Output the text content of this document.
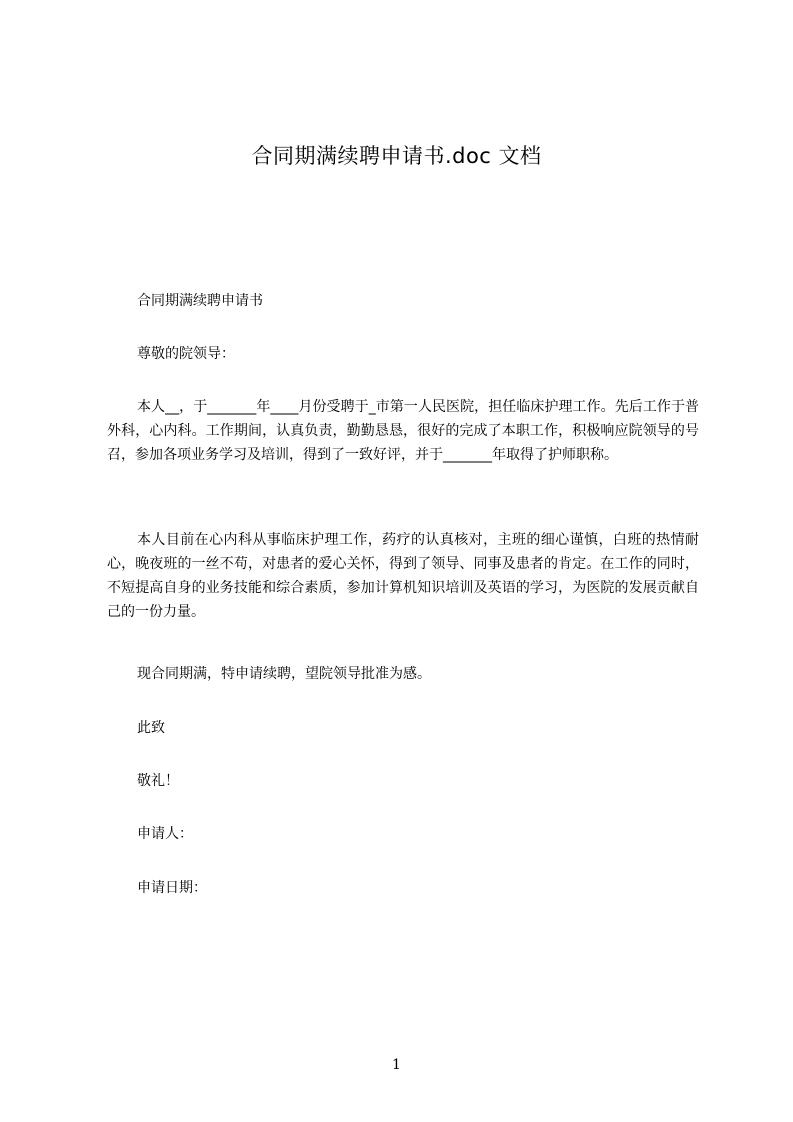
合同期满续聘申请书.doc 文档
合同期满续聘申请书
尊敬的院领导：

本人__，于_______年____月份受聘于_市第一人民医院，担任临床护理工作。先后工作于普外科，心内科。工作期间，认真负责，勤勤恳恳，很好的完成了本职工作，积极响应院领导的号召，参加各项业务学习及培训，得到了一致好评，并于_______年取得了护师职称。

本人目前在心内科从事临床护理工作，药疗的认真核对，主班的细心谨慎，白班的热情耐心，晚夜班的一丝不苟，对患者的爱心关怀，得到了领导、同事及患者的肯定。在工作的同时，不短提高自身的业务技能和综合素质，参加计算机知识培训及英语的学习，为医院的发展贡献自己的一份力量。

现合同期满，特申请续聘，望院领导批准为感。
此致
敬礼！
申请人：
申请日期：
1
